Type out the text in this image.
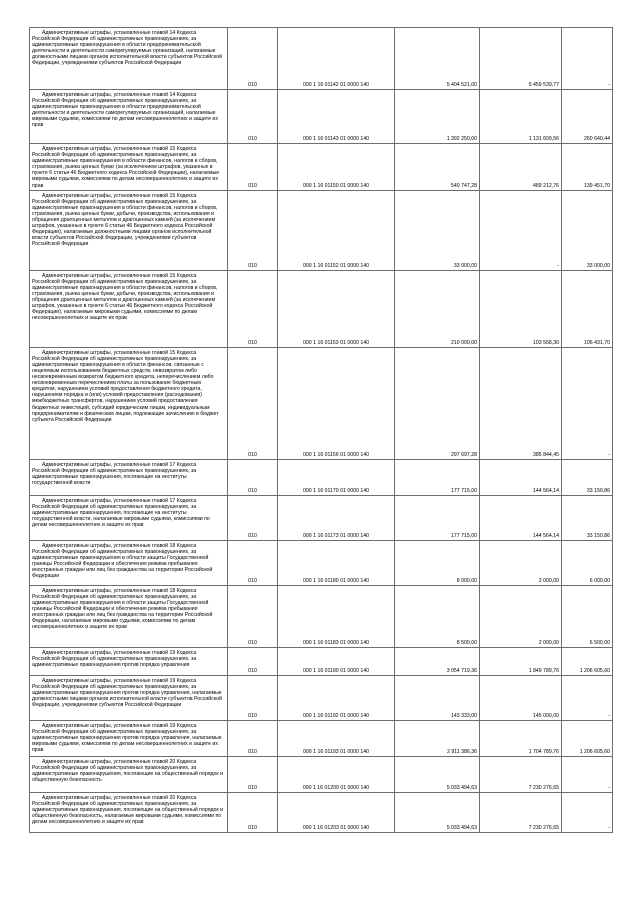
Административные штрафы, установленные главой 14 Кодекса Российской Федерации об административных правонарушениях, за административные правонарушения в области предпринимательской деятельности и деятельности саморегулируемых организаций, налагаемые должностными лицами органов исполнительной власти субъектов Российской Федерации, учреждениями субъектов Российской Федерации	010	000 1 16 01142 01 0000 140	5 404 521,00	5 459 539,77	-
Административные штрафы, установленные главой 14 Кодекса Российской Федерации об административных правонарушениях, за административные правонарушения в области предпринимательской деятельности и деятельности саморегулируемых организаций, налагаемые мировыми судьями, комиссиями по делам несовершеннолетних и защите их прав	010	000 1 16 01143 01 0000 140	1 392 250,00	1 131 609,56	260 640,44
Административные штрафы, установленные главой 15 Кодекса Российской Федерации об административных правонарушениях, за административные правонарушения в области финансов, налогов и сборов, страхования, рынка ценных бумаг (за исключением штрафов, указанных в пункте 6 статьи 46 Бюджетного кодекса Российской Федерации), налагаемые мировыми судьями, комиссиями по делам несовершеннолетних и защите их прав	010	000 1 16 01150 01 0000 140	540 747,28	489 212,76	139 451,70
Административные штрафы, установленные главой 15 Кодекса Российской Федерации об административных правонарушениях, за административные правонарушения в области финансов, налогов и сборов, страхования, рынка ценных бумаг, добычи, производства, использования и обращения драгоценных металлов и драгоценных камней (за исключением штрафов, указанных в пункте 6 статьи 46 Бюджетного кодекса Российской Федерации), налагаемые должностными лицами органов исполнительной власти субъектов Российской Федерации, учреждениями субъектов Российской Федерации	010	000 1 16 01152 01 0000 140	33 000,00	-	33 000,00
Административные штрафы, установленные главой 15 Кодекса Российской Федерации об административных правонарушениях, за административные правонарушения в области финансов, налогов и сборов, страхования, рынка ценных бумаг, добычи, производства, использования и обращения драгоценных металлов и драгоценных камней (за исключением штрафов, указанных в пункте 6 статьи 46 Бюджетного кодекса Российской Федерации), налагаемые мировыми судьями, комиссиями по делам несовершеннолетних и защите их прав	010	000 1 16 01153 01 0000 140	210 000,00	103 568,30	106 431,70
Административные штрафы, установленные главой 15 Кодекса Российской Федерации об административных правонарушениях, за административные правонарушения в области финансов, связанные с нецелевым использованием бюджетных средств, невозвратом либо несвоевременным возвратом бюджетного кредита, неперечислением либо несвоевременным перечислением платы за пользование бюджетным кредитом, нарушением условий предоставления бюджетного кредита, нарушением порядка и (или) условий предоставления (расходования) межбюджетных трансфертов, нарушением условий предоставления бюджетных инвестиций, субсидий юридическим лицам, индивидуальным предпринимателям и физическим лицам, подлежащие зачислению в бюджет субъекта Российской Федерации	010	000 1 16 01156 01 0000 140	297 697,28	385 844,45	-
Административные штрафы, установленные главой 17 Кодекса Российской Федерации об административных правонарушениях, за административные правонарушения, посягающие на институты государственной власти	010	000 1 16 01170 01 0000 140	177 715,00	144 564,14	33 150,86
Административные штрафы, установленные главой 17 Кодекса Российской Федерации об административных правонарушениях, за административные правонарушения, посягающие на институты государственной власти, налагаемые мировыми судьями, комиссиями по делам несовершеннолетних и защите их прав	010	000 1 16 01173 01 0000 140	177 715,00	144 564,14	33 150,86
Административные штрафы, установленные главой 18 Кодекса Российской Федерации об административных правонарушениях, за административные правонарушения в области защиты Государственной границы Российской Федерации и обеспечения режима пребывания иностранных граждан или лиц без гражданства на территории Российской Федерации	010	000 1 16 01180 01 0000 140	8 000,00	2 000,00	6 000,00
Административные штрафы, установленные главой 18 Кодекса Российской Федерации об административных правонарушениях, за административные правонарушения в области защиты Государственной границы Российской Федерации и обеспечения режима пребывания иностранных граждан или лиц без гражданства на территории Российской Федерации, налагаемые мировыми судьями, комиссиями по делам несовершеннолетних и защите их прав	010	000 1 16 01183 01 0000 140	8 500,00	2 000,00	6 500,00
Административные штрафы, установленные главой 19 Кодекса Российской Федерации об административных правонарушениях, за административные правонарушения против порядка управления	010	000 1 16 01190 01 0000 140	3 054 719,36	1 849 789,76	1 206 605,60
Административные штрафы, установленные главой 19 Кодекса Российской Федерации об административных правонарушениях, за административные правонарушения против порядка управления, налагаемые должностными лицами органов исполнительной власти субъектов Российской Федерации, учреждениями субъектов Российской Федерации	010	000 1 16 01192 01 0000 140	143 333,00	145 000,00	-
Административные штрафы, установленные главой 19 Кодекса Российской Федерации об административных правонарушениях, за административные правонарушения против порядка управления, налагаемые мировыми судьями, комиссиями по делам несовершеннолетних и защите их прав	010	000 1 16 01193 01 0000 140	2 911 386,36	1 704 789,76	1 206 605,60
Административные штрафы, установленные главой 20 Кодекса Российской Федерации об административных правонарушениях, за административные правонарушения, посягающие на общественный порядок и общественную безопасность	010	000 1 16 01200 01 0000 140	5 033 494,63	7 230 276,65	-
Административные штрафы, установленные главой 20 Кодекса Российской Федерации об административных правонарушениях, за административные правонарушения, посягающие на общественный порядок и общественную безопасность, налагаемые мировыми судьями, комиссиями по делам несовершеннолетних и защите их прав	010	000 1 16 01203 01 0000 140	5 033 494,63	7 230 276,65	-
